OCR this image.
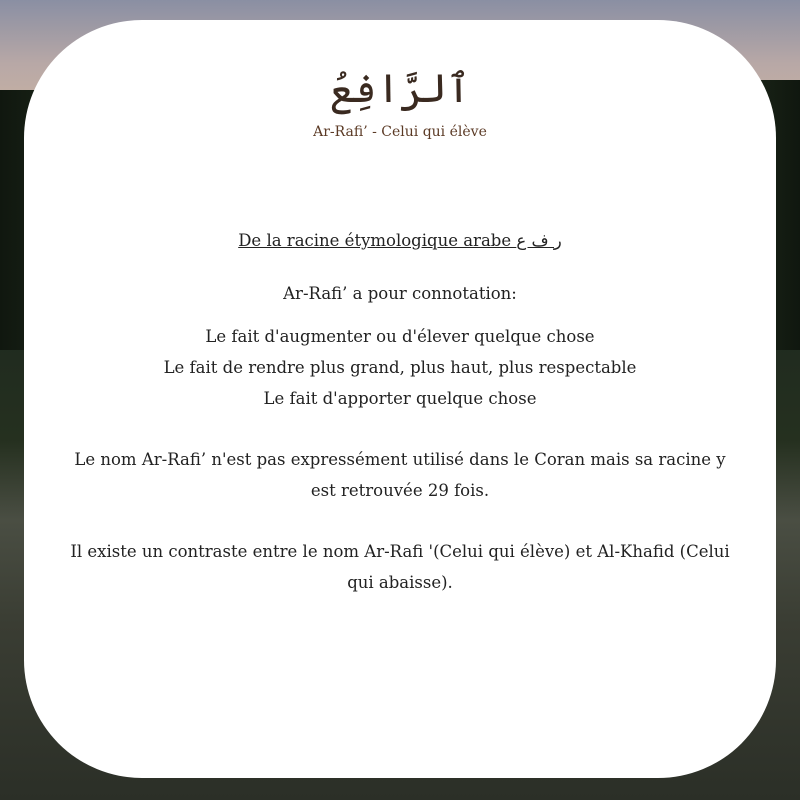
ٱلرَّافِعُ
Ar-Rafi’ - Celui qui élève
De la racine étymologique arabe ر ف ع
Ar-Rafi’ a pour connotation:
Le fait d'augmenter ou d'élever quelque chose
Le fait de rendre plus grand, plus haut, plus respectable
Le fait d'apporter quelque chose
Le nom Ar-Rafi’ n'est pas expressément utilisé dans le Coran mais sa racine y est retrouvée 29 fois.
Il existe un contraste entre le nom Ar-Rafi '(Celui qui élève) et Al-Khafid (Celui qui abaisse).
